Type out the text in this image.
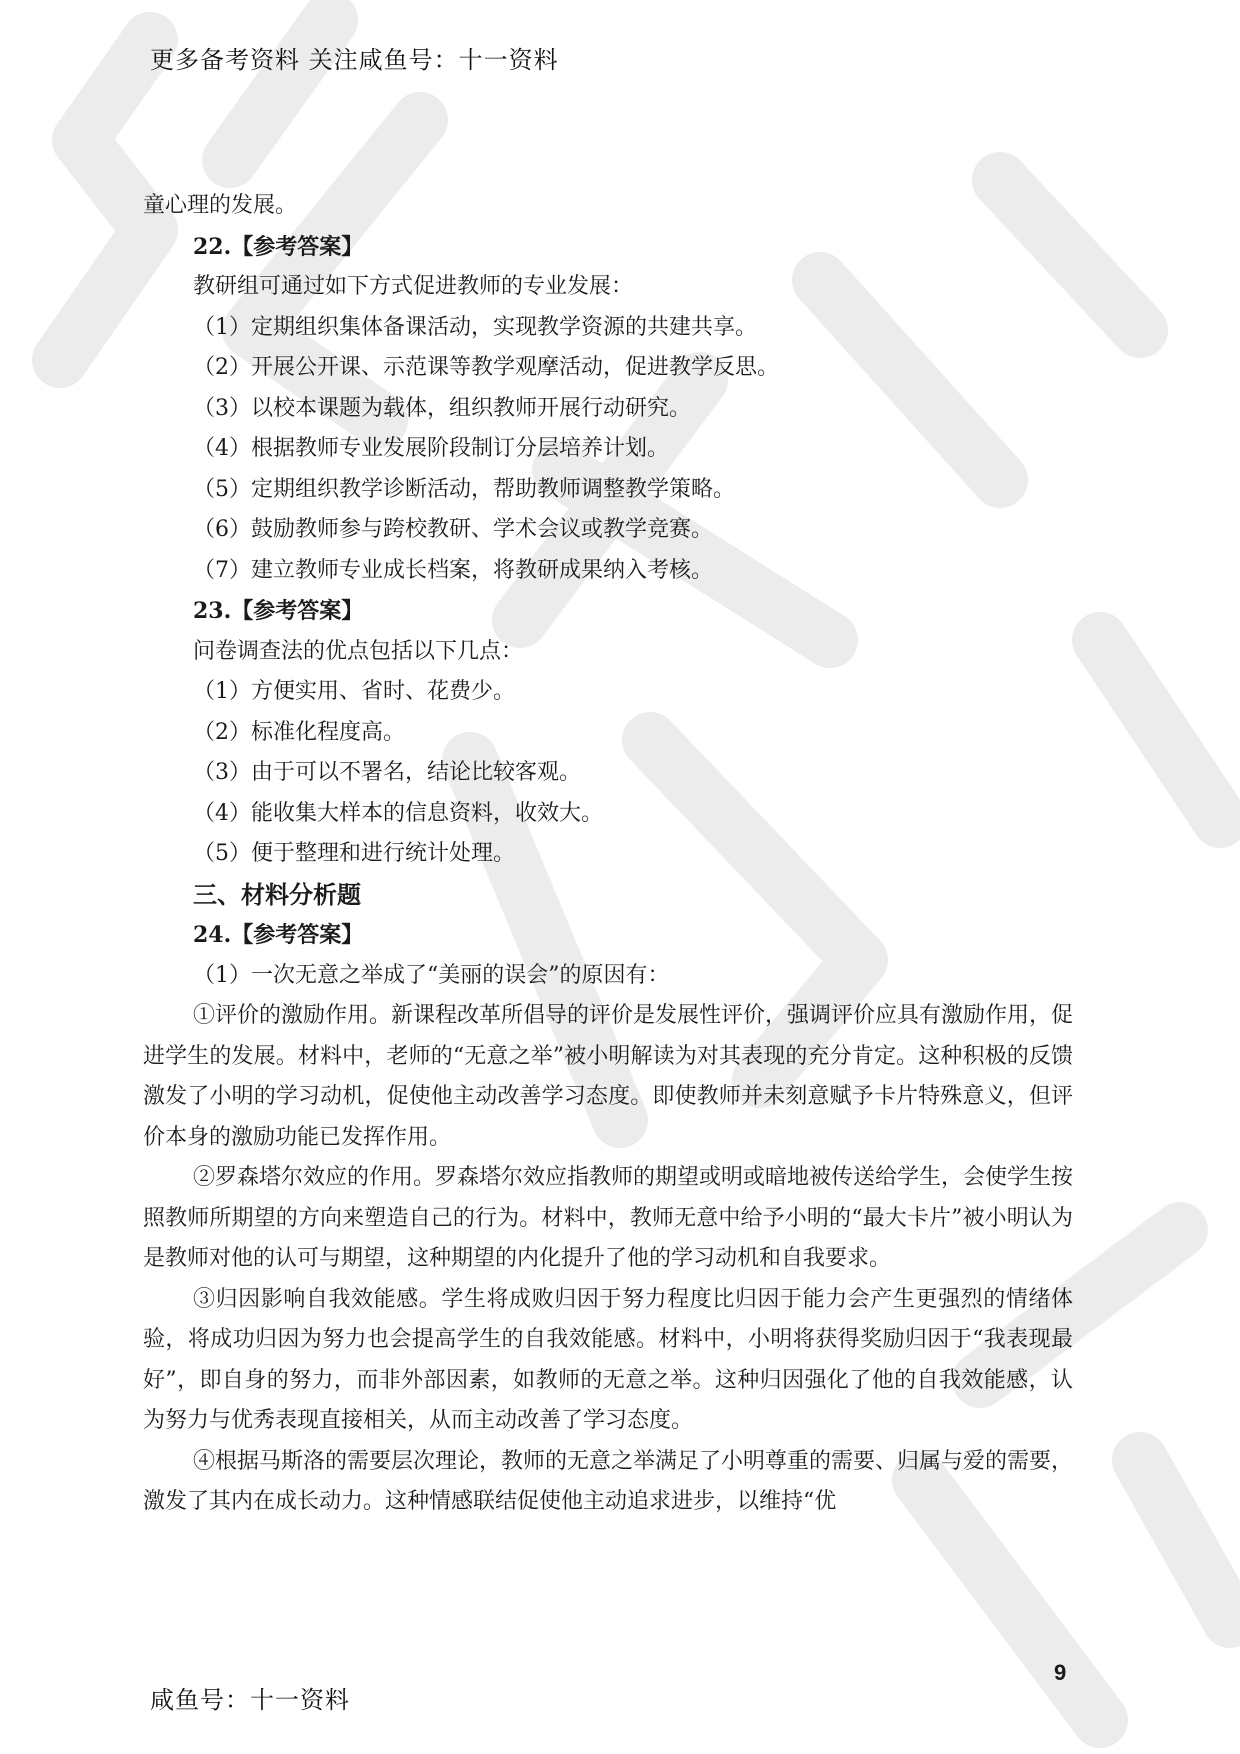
更多备考资料 关注咸鱼号：十一资料
童心理的发展。
22.【参考答案】
教研组可通过如下方式促进教师的专业发展：
（1）定期组织集体备课活动，实现教学资源的共建共享。
（2）开展公开课、示范课等教学观摩活动，促进教学反思。
（3）以校本课题为载体，组织教师开展行动研究。
（4）根据教师专业发展阶段制订分层培养计划。
（5）定期组织教学诊断活动，帮助教师调整教学策略。
（6）鼓励教师参与跨校教研、学术会议或教学竞赛。
（7）建立教师专业成长档案，将教研成果纳入考核。
23.【参考答案】
问卷调查法的优点包括以下几点：
（1）方便实用、省时、花费少。
（2）标准化程度高。
（3）由于可以不署名，结论比较客观。
（4）能收集大样本的信息资料，收效大。
（5）便于整理和进行统计处理。
三、材料分析题
24.【参考答案】
（1）一次无意之举成了“美丽的误会”的原因有：

①评价的激励作用。新课程改革所倡导的评价是发展性评价，强调评价应具有激励作用，促进学生的发展。材料中，老师的“无意之举”被小明解读为对其表现的充分肯定。这种积极的反馈激发了小明的学习动机，促使他主动改善学习态度。即使教师并未刻意赋予卡片特殊意义，但评价本身的激励功能已发挥作用。

②罗森塔尔效应的作用。罗森塔尔效应指教师的期望或明或暗地被传送给学生，会使学生按照教师所期望的方向来塑造自己的行为。材料中，教师无意中给予小明的“最大卡片”被小明认为是教师对他的认可与期望，这种期望的内化提升了他的学习动机和自我要求。

③归因影响自我效能感。学生将成败归因于努力程度比归因于能力会产生更强烈的情绪体验，将成功归因为努力也会提高学生的自我效能感。材料中，小明将获得奖励归因于“我表现最好”，即自身的努力，而非外部因素，如教师的无意之举。这种归因强化了他的自我效能感，认为努力与优秀表现直接相关，从而主动改善了学习态度。

④根据马斯洛的需要层次理论，教师的无意之举满足了小明尊重的需要、归属与爱的需要，激发了其内在成长动力。这种情感联结促使他主动追求进步，以维持“优

9
咸鱼号：十一资料
